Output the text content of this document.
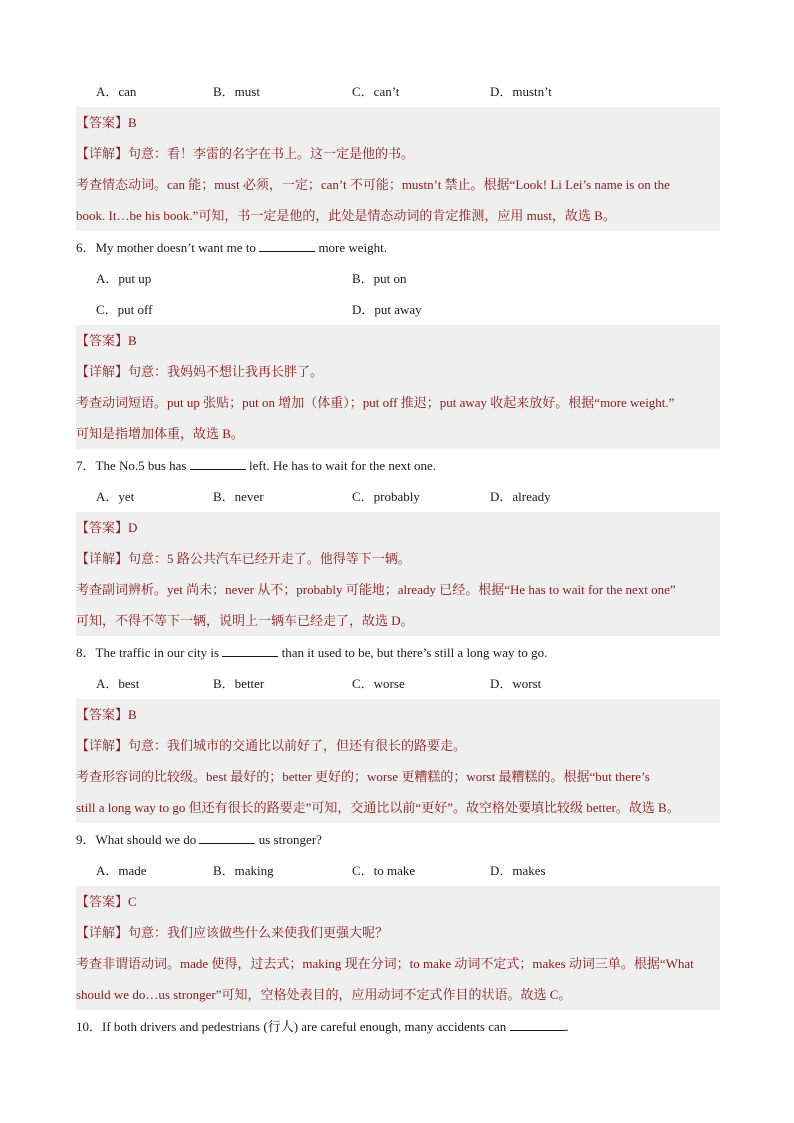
A．can	B．must	C．can’t	D．mustn’t
【答案】B
【详解】句意：看！李雷的名字在书上。这一定是他的书。
考查情态动词。can 能；must 必须，一定；can’t 不可能；mustn’t 禁止。根据“Look! Li Lei’s name is on the
book. It…be his book.”可知，书一定是他的，此处是情态动词的肯定推测，应用 must，故选 B。
6．My mother doesn’t want me to	more weight.
A．put up	B．put on
C．put off	D．put away
【答案】B
【详解】句意：我妈妈不想让我再长胖了。
考查动词短语。put up 张贴；put on 增加（体重）；put off 推迟；put away 收起来放好。根据“more weight.”
可知是指增加体重，故选 B。
7．The No.5 bus has	left. He has to wait for the next one.
A．yet	B．never	C．probably	D．already
【答案】D
【详解】句意：5 路公共汽车已经开走了。他得等下一辆。
考查副词辨析。yet 尚未；never 从不；probably 可能地；already 已经。根据“He has to wait for the next one”
可知，不得不等下一辆，说明上一辆车已经走了，故选 D。
8．The traffic in our city is	than it used to be, but there’s still a long way to go.
A．best	B．better	C．worse	D．worst
【答案】B
【详解】句意：我们城市的交通比以前好了，但还有很长的路要走。
考查形容词的比较级。best 最好的；better 更好的；worse 更糟糕的；worst 最糟糕的。根据“but there’s
still a long way to go 但还有很长的路要走”可知，交通比以前“更好”。故空格处要填比较级 better。故选 B。
9．What should we do	us stronger?
A．made	B．making	C．to make	D．makes
【答案】C
【详解】句意：我们应该做些什么来使我们更强大呢？
考查非谓语动词。made 使得，过去式；making 现在分词；to make 动词不定式；makes 动词三单。根据“What
should we do…us stronger”可知，空格处表目的，应用动词不定式作目的状语。故选 C。
10．If both drivers and pedestrians (行人) are careful enough, many accidents can	.
